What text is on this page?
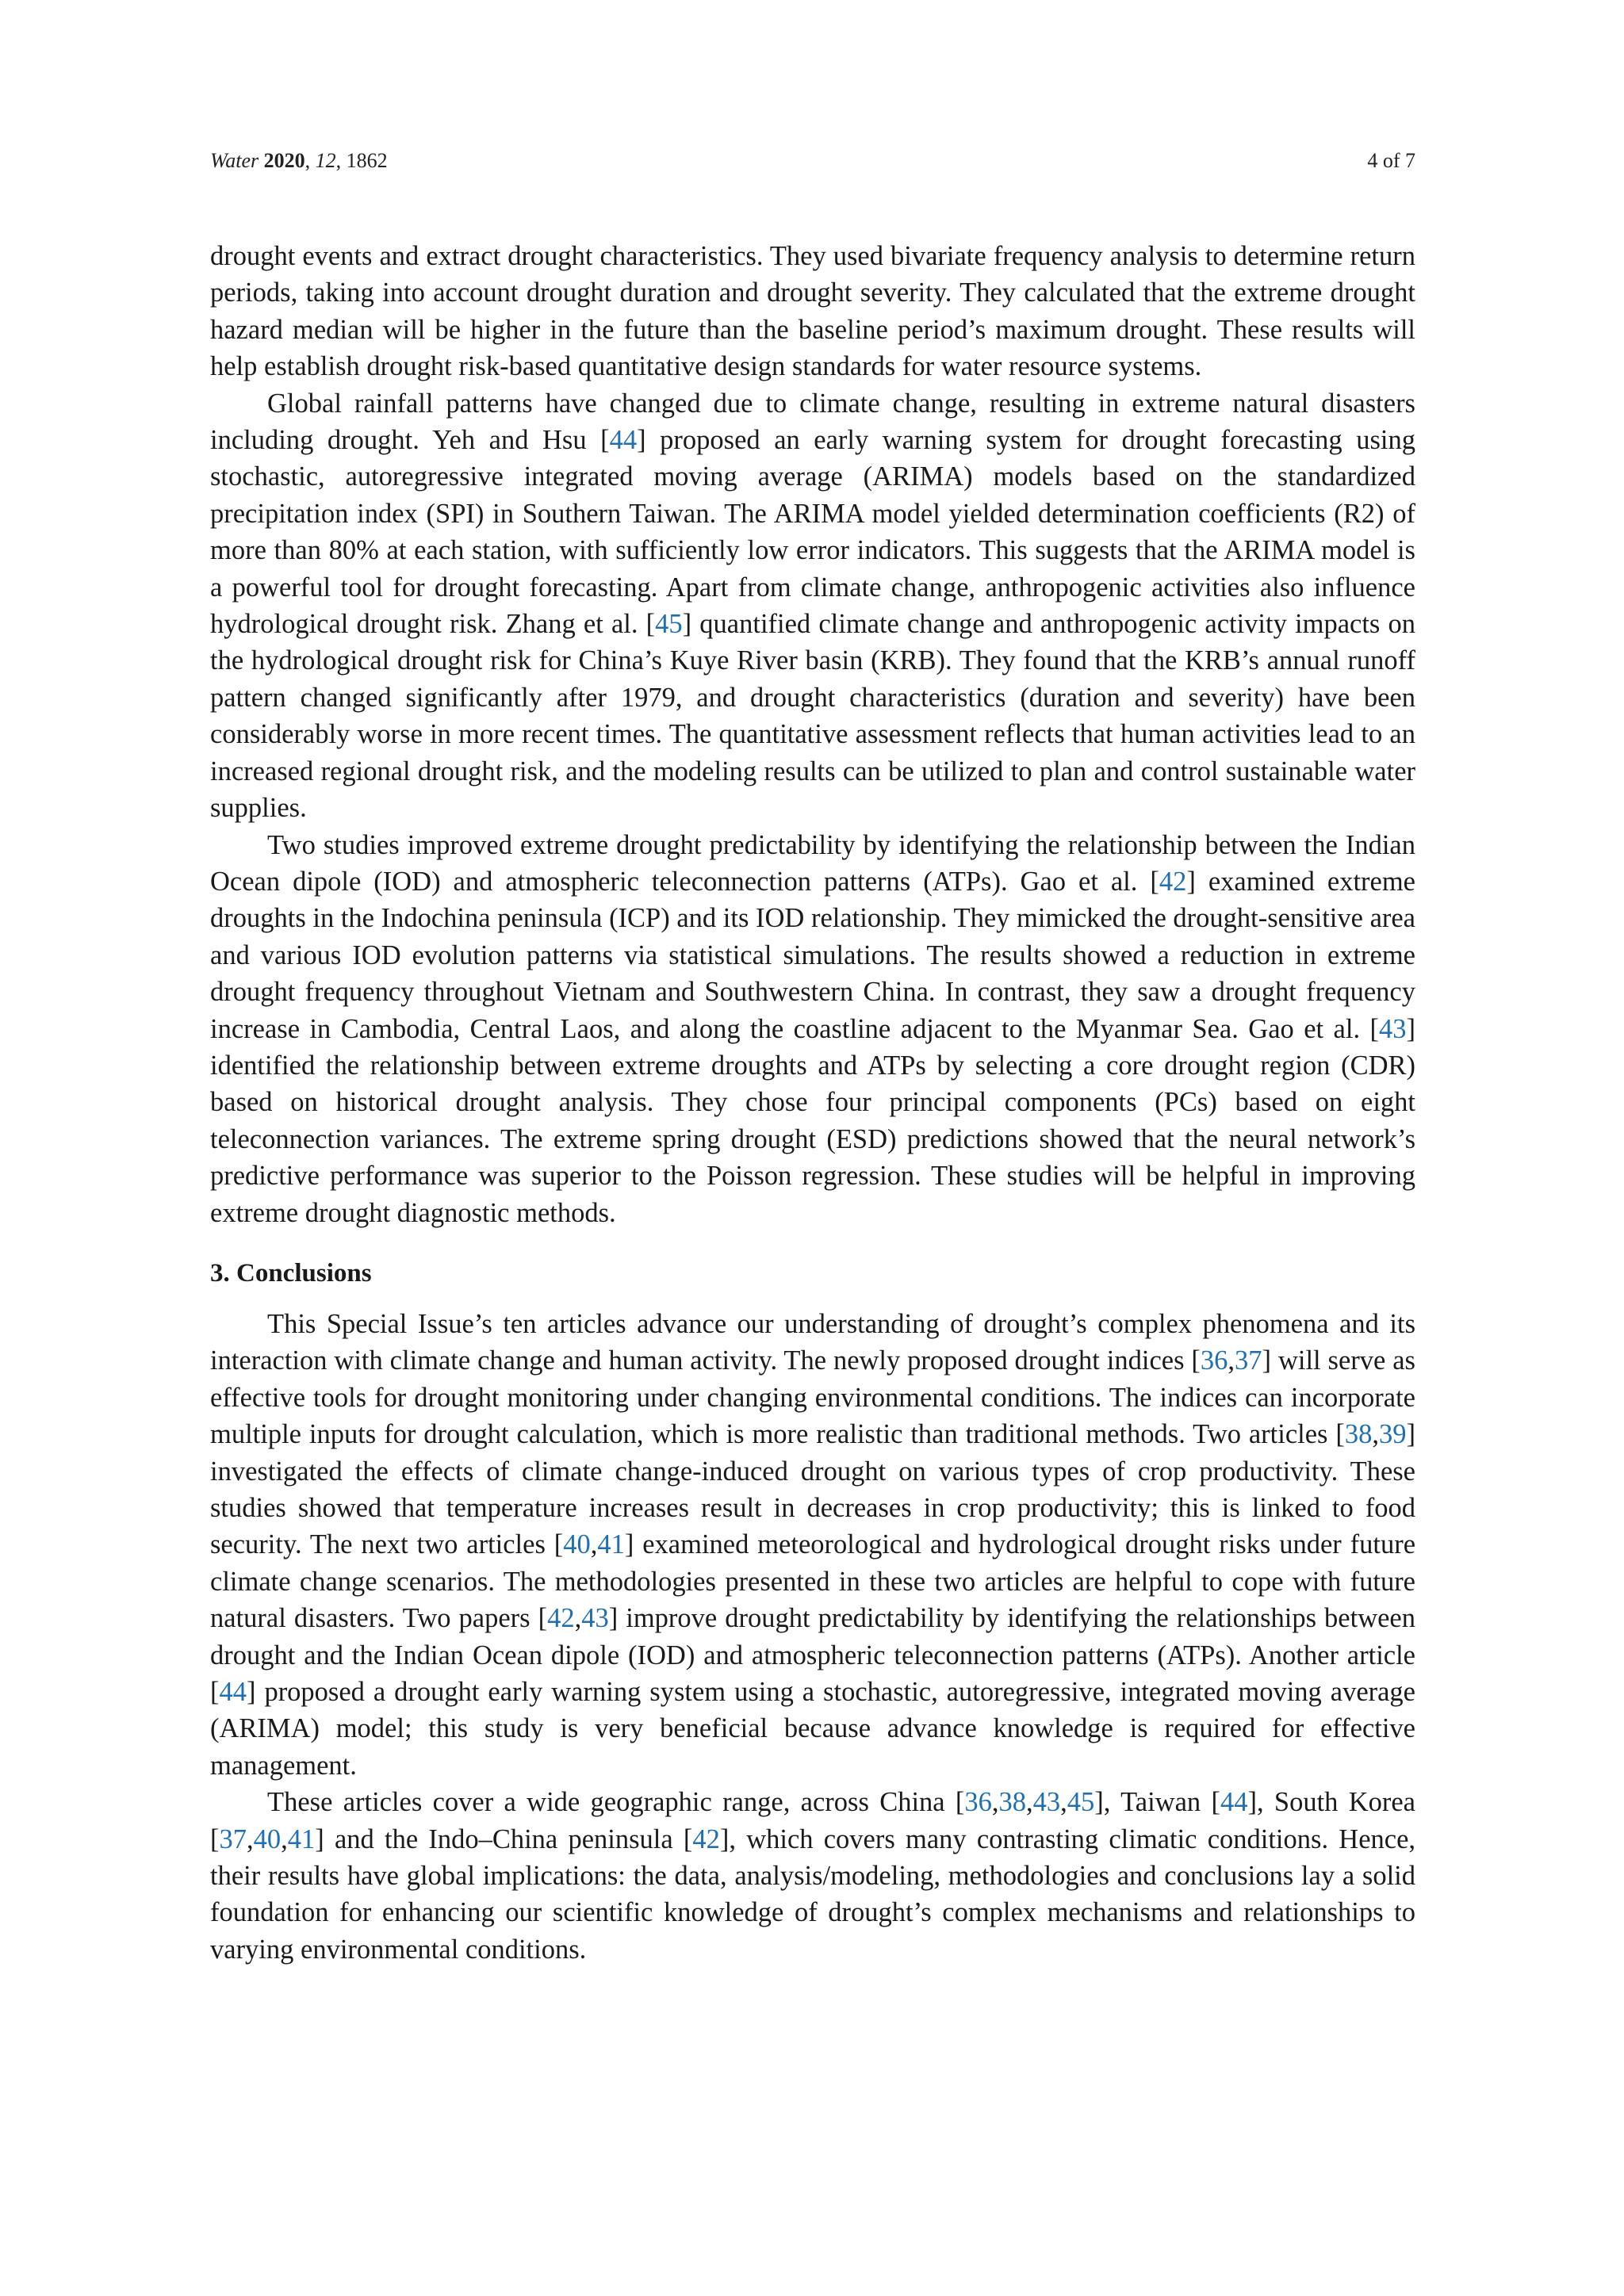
Water 2020, 12, 1862	4 of 7

drought events and extract drought characteristics. They used bivariate frequency analysis to determine return periods, taking into account drought duration and drought severity. They calculated that the extreme drought hazard median will be higher in the future than the baseline period’s maximum drought. These results will help establish drought risk-based quantitative design standards for water resource systems.

Global rainfall patterns have changed due to climate change, resulting in extreme natural disasters including drought. Yeh and Hsu [44] proposed an early warning system for drought forecasting using stochastic, autoregressive integrated moving average (ARIMA) models based on the standardized precipitation index (SPI) in Southern Taiwan. The ARIMA model yielded determination coefficients (R2) of more than 80% at each station, with sufficiently low error indicators. This suggests that the ARIMA model is a powerful tool for drought forecasting. Apart from climate change, anthropogenic activities also influence hydrological drought risk. Zhang et al. [45] quantified climate change and anthropogenic activity impacts on the hydrological drought risk for China’s Kuye River basin (KRB). They found that the KRB’s annual runoff pattern changed significantly after 1979, and drought characteristics (duration and severity) have been considerably worse in more recent times. The quantitative assessment reflects that human activities lead to an increased regional drought risk, and the modeling results can be utilized to plan and control sustainable water supplies.

Two studies improved extreme drought predictability by identifying the relationship between the Indian Ocean dipole (IOD) and atmospheric teleconnection patterns (ATPs). Gao et al. [42] examined extreme droughts in the Indochina peninsula (ICP) and its IOD relationship. They mimicked the drought-sensitive area and various IOD evolution patterns via statistical simulations. The results showed a reduction in extreme drought frequency throughout Vietnam and Southwestern China. In contrast, they saw a drought frequency increase in Cambodia, Central Laos, and along the coastline adjacent to the Myanmar Sea. Gao et al. [43] identified the relationship between extreme droughts and ATPs by selecting a core drought region (CDR) based on historical drought analysis. They chose four principal components (PCs) based on eight teleconnection variances. The extreme spring drought (ESD) predictions showed that the neural network’s predictive performance was superior to the Poisson regression. These studies will be helpful in improving extreme drought diagnostic methods.

3. Conclusions

This Special Issue’s ten articles advance our understanding of drought’s complex phenomena and its interaction with climate change and human activity. The newly proposed drought indices [36,37] will serve as effective tools for drought monitoring under changing environmental conditions. The indices can incorporate multiple inputs for drought calculation, which is more realistic than traditional methods. Two articles [38,39] investigated the effects of climate change-induced drought on various types of crop productivity. These studies showed that temperature increases result in decreases in crop productivity; this is linked to food security. The next two articles [40,41] examined meteorological and hydrological drought risks under future climate change scenarios. The methodologies presented in these two articles are helpful to cope with future natural disasters. Two papers [42,43] improve drought predictability by identifying the relationships between drought and the Indian Ocean dipole (IOD) and atmospheric teleconnection patterns (ATPs). Another article [44] proposed a drought early warning system using a stochastic, autoregressive, integrated moving average (ARIMA) model; this study is very beneficial because advance knowledge is required for effective management.

These articles cover a wide geographic range, across China [36,38,43,45], Taiwan [44], South Korea [37,40,41] and the Indo–China peninsula [42], which covers many contrasting climatic conditions. Hence, their results have global implications: the data, analysis/modeling, methodologies and conclusions lay a solid foundation for enhancing our scientific knowledge of drought’s complex mechanisms and relationships to varying environmental conditions.
